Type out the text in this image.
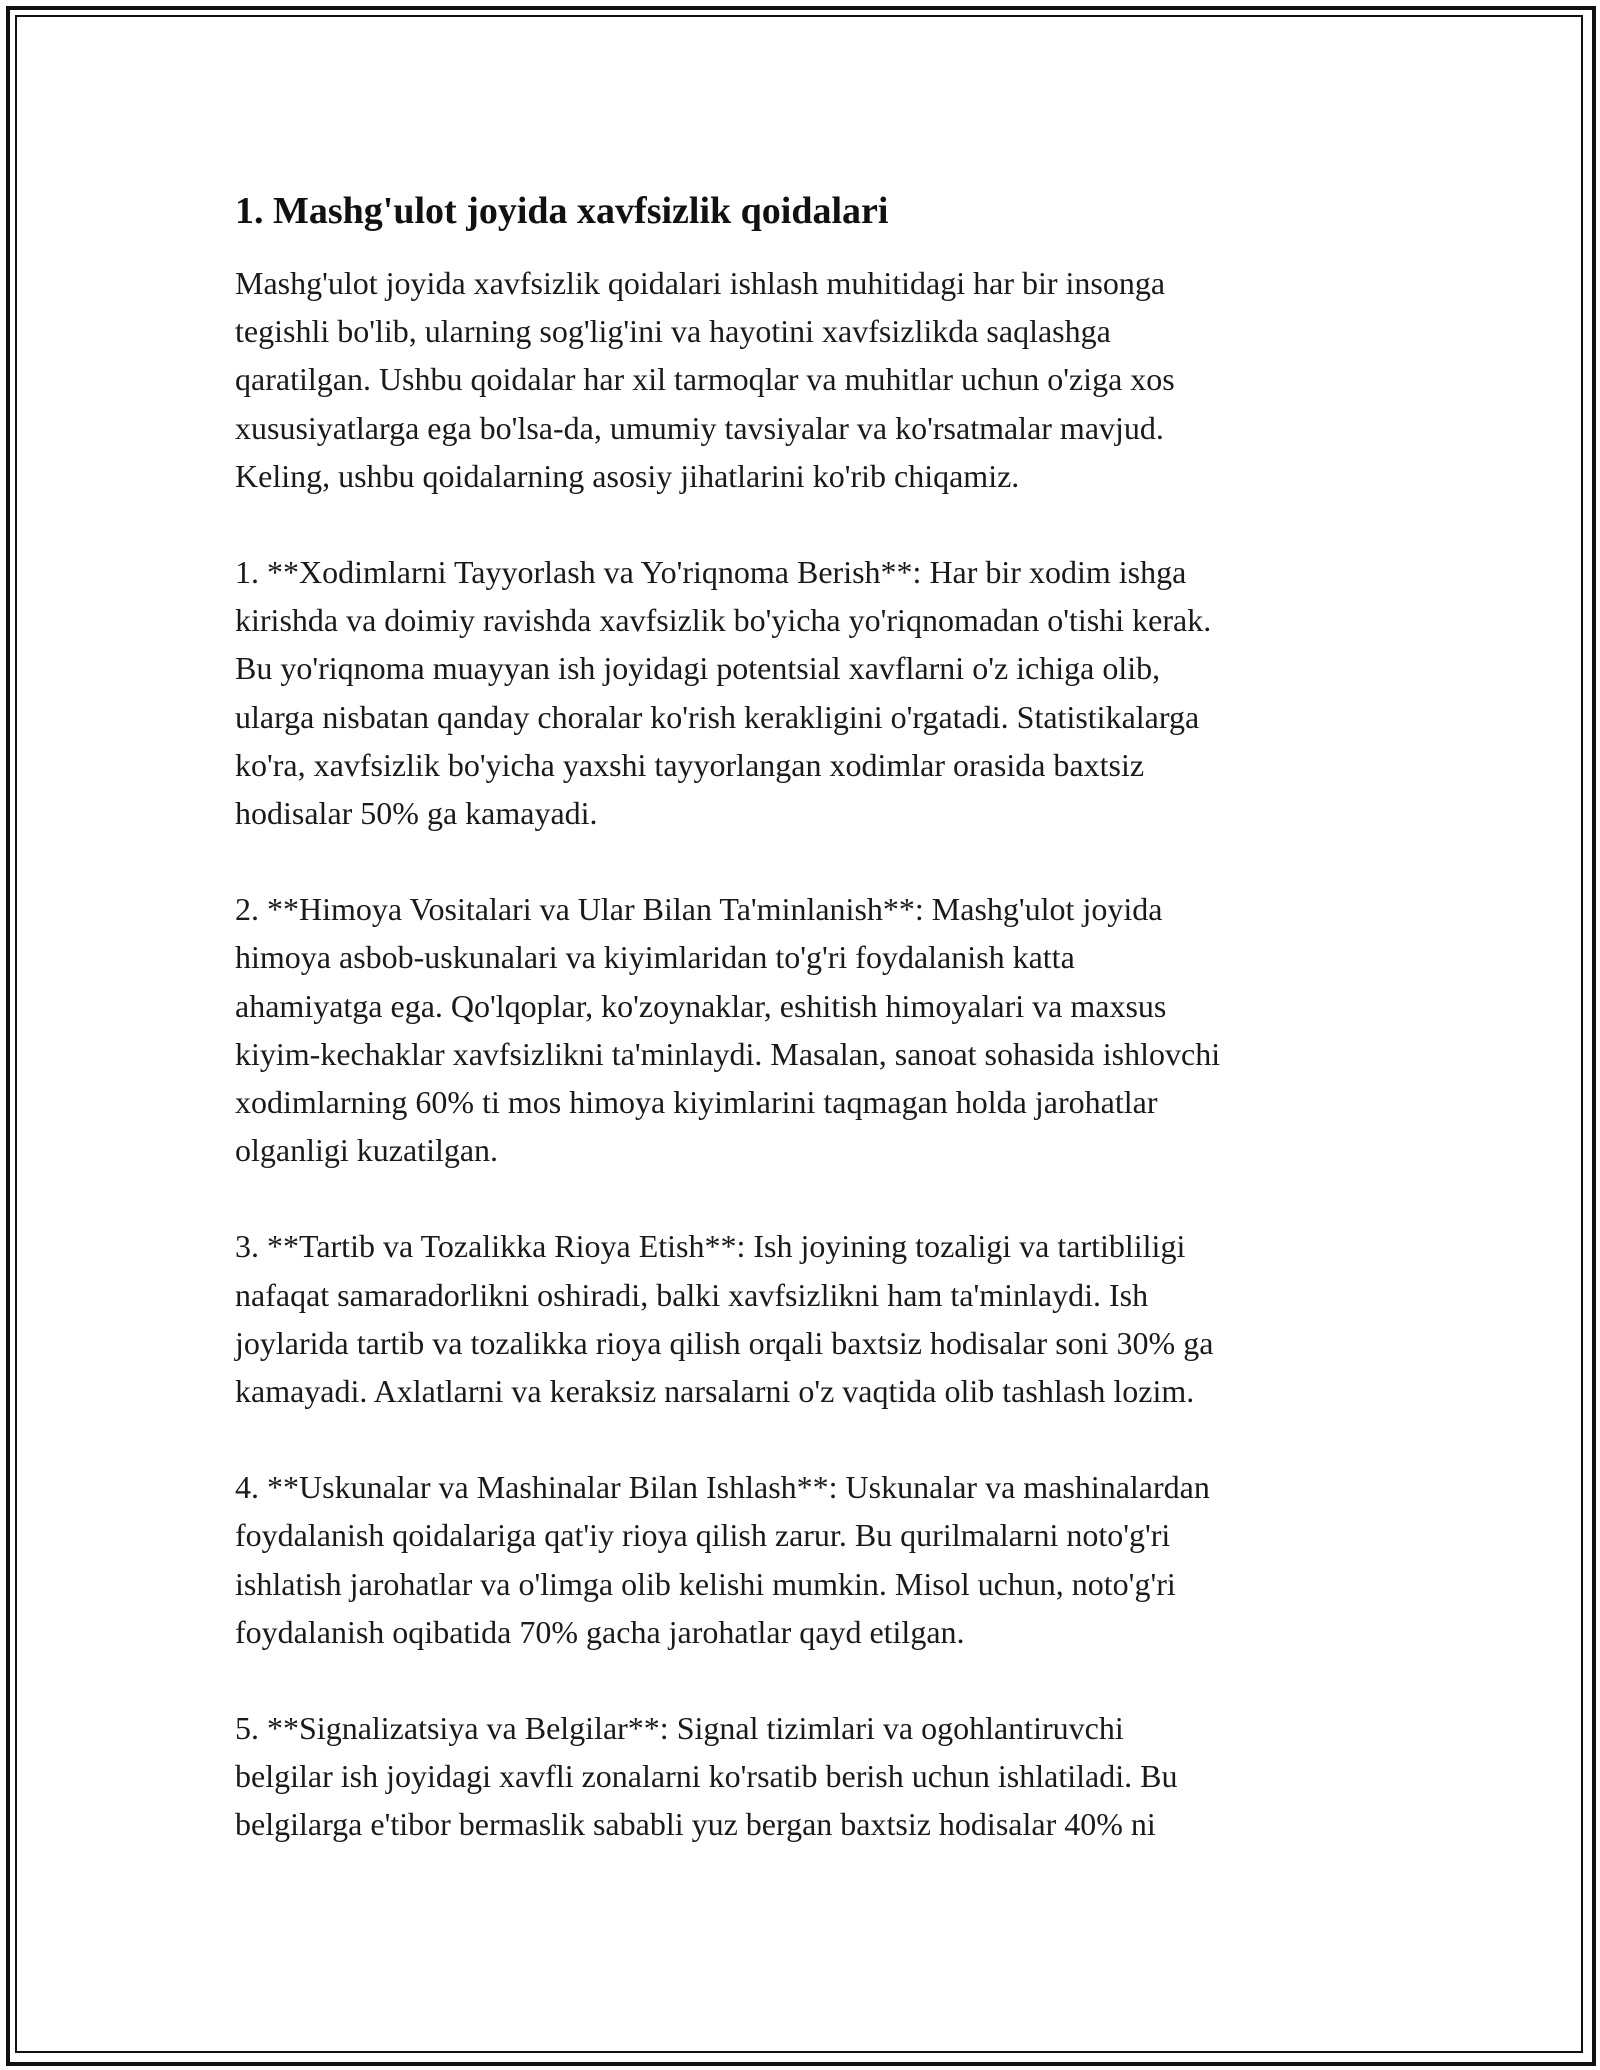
1. Mashg'ulot joyida xavfsizlik qoidalari

Mashg'ulot joyida xavfsizlik qoidalari ishlash muhitidagi har bir insonga
tegishli bo'lib, ularning sog'lig'ini va hayotini xavfsizlikda saqlashga
qaratilgan. Ushbu qoidalar har xil tarmoqlar va muhitlar uchun o'ziga xos
xususiyatlarga ega bo'lsa-da, umumiy tavsiyalar va ko'rsatmalar mavjud.
Keling, ushbu qoidalarning asosiy jihatlarini ko'rib chiqamiz.

1. **Xodimlarni Tayyorlash va Yo'riqnoma Berish**: Har bir xodim ishga
kirishda va doimiy ravishda xavfsizlik bo'yicha yo'riqnomadan o'tishi kerak.
Bu yo'riqnoma muayyan ish joyidagi potentsial xavflarni o'z ichiga olib,
ularga nisbatan qanday choralar ko'rish kerakligini o'rgatadi. Statistikalarga
ko'ra, xavfsizlik bo'yicha yaxshi tayyorlangan xodimlar orasida baxtsiz
hodisalar 50% ga kamayadi.

2. **Himoya Vositalari va Ular Bilan Ta'minlanish**: Mashg'ulot joyida
himoya asbob-uskunalari va kiyimlaridan to'g'ri foydalanish katta
ahamiyatga ega. Qo'lqoplar, ko'zoynaklar, eshitish himoyalari va maxsus
kiyim-kechaklar xavfsizlikni ta'minlaydi. Masalan, sanoat sohasida ishlovchi
xodimlarning 60% ti mos himoya kiyimlarini taqmagan holda jarohatlar
olganligi kuzatilgan.

3. **Tartib va Tozalikka Rioya Etish**: Ish joyining tozaligi va tartibliligi
nafaqat samaradorlikni oshiradi, balki xavfsizlikni ham ta'minlaydi. Ish
joylarida tartib va tozalikka rioya qilish orqali baxtsiz hodisalar soni 30% ga
kamayadi. Axlatlarni va keraksiz narsalarni o'z vaqtida olib tashlash lozim.

4. **Uskunalar va Mashinalar Bilan Ishlash**: Uskunalar va mashinalardan
foydalanish qoidalariga qat'iy rioya qilish zarur. Bu qurilmalarni noto'g'ri
ishlatish jarohatlar va o'limga olib kelishi mumkin. Misol uchun, noto'g'ri
foydalanish oqibatida 70% gacha jarohatlar qayd etilgan.

5. **Signalizatsiya va Belgilar**: Signal tizimlari va ogohlantiruvchi
belgilar ish joyidagi xavfli zonalarni ko'rsatib berish uchun ishlatiladi. Bu
belgilarga e'tibor bermaslik sababli yuz bergan baxtsiz hodisalar 40% ni
